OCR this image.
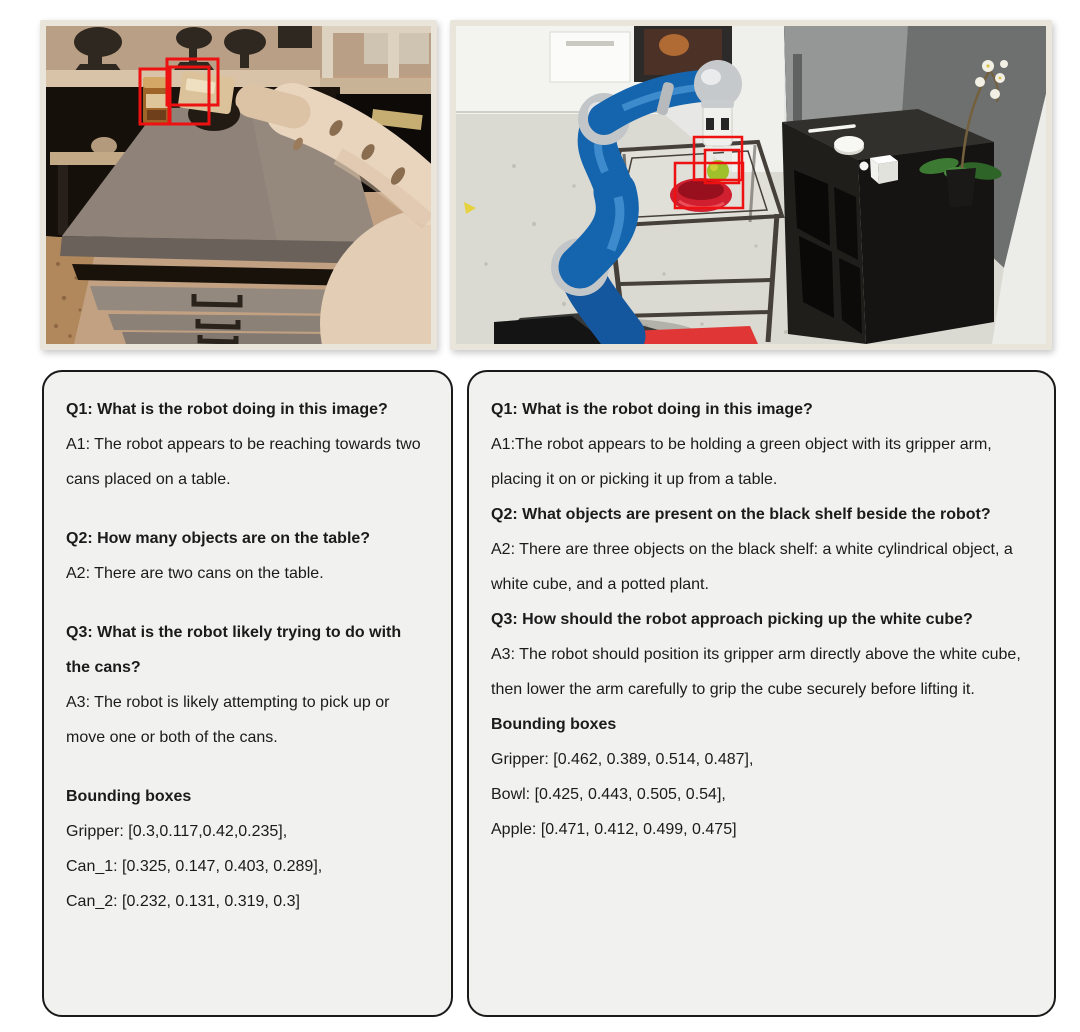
Q1: What is the robot doing in this image?

A1: The robot appears to be reaching towards two cans placed on a table.

Q2: How many objects are on the table?

A2: There are two cans on the table.

Q3: What is the robot likely trying to do with the cans?

A3: The robot is likely attempting to pick up or move one or both of the cans.

Bounding boxes

Gripper: [0.3,0.117,0.42,0.235],

Can_1: [0.325, 0.147, 0.403, 0.289],

Can_2: [0.232, 0.131, 0.319, 0.3]

Q1: What is the robot doing in this image?

A1:The robot appears to be holding a green object with its gripper arm, placing it on or picking it up from a table.

Q2: What objects are present on the black shelf beside the robot?

A2: There are three objects on the black shelf: a white cylindrical object, a white cube, and a potted plant.

Q3: How should the robot approach picking up the white cube?

A3: The robot should position its gripper arm directly above the white cube, then lower the arm carefully to grip the cube securely before lifting it.

Bounding boxes

Gripper: [0.462, 0.389, 0.514, 0.487],

Bowl: [0.425, 0.443, 0.505, 0.54],

Apple: [0.471, 0.412, 0.499, 0.475]
